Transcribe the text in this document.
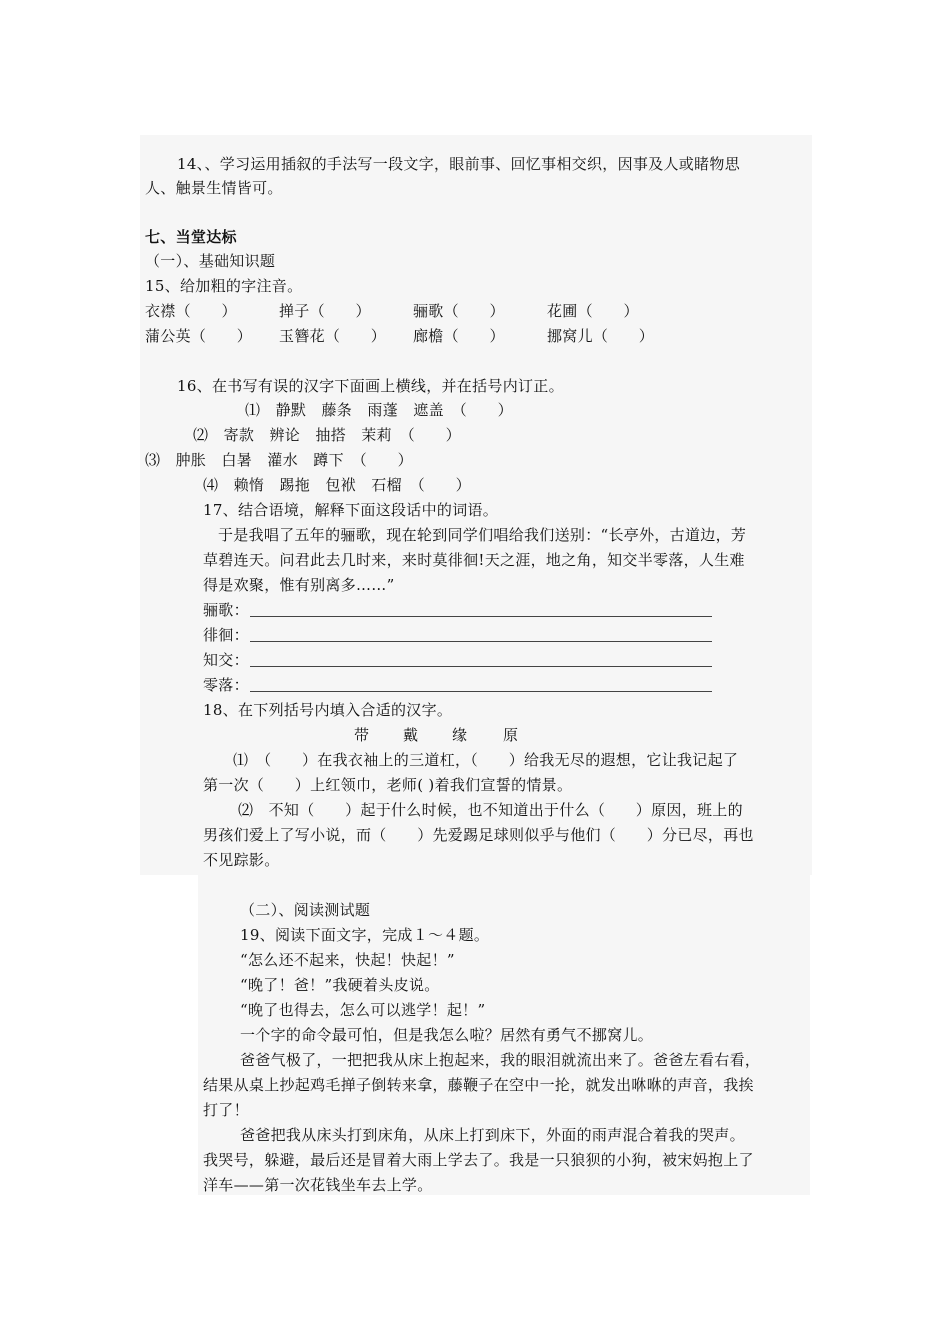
14、、学习运用插叙的手法写一段文字，眼前事、回忆事相交织，因事及人或睹物思
人、触景生情皆可。
七、当堂达标
（一）、基础知识题
15、给加粗的字注音。
衣襟（　　）	掸子（　　）	骊歌（　　）	花圃（　　）
蒲公英（　　） 玉簪花（　　） 廊檐（　　）	挪窝儿（　　）
16、在书写有误的汉字下面画上横线，并在括号内订正。
⑴　静默　藤条　雨蓬　遮盖　（　　）
⑵　寄款　辨论　抽搭　茉莉　（　　）
⑶　肿胀　白暑　灌水　蹲下　（　　）
⑷　赖惰　踢拖　包袱　石榴　（　　）
17、结合语境，解释下面这段话中的词语。
于是我唱了五年的骊歌，现在轮到同学们唱给我们送别：“长亭外，古道边，芳
草碧连天。问君此去几时来，来时莫徘徊!天之涯，地之角，知交半零落，人生难
得是欢聚，惟有别离多……”
骊歌：
徘徊：
知交：
零落：
18、在下列括号内填入合适的汉字。
带 戴 缘 原
⑴　（　　）在我衣袖上的三道杠，（　　）给我无尽的遐想，它让我记起了
第一次（　　）上红领巾，老师( )着我们宣誓的情景。
⑵　不知（　　）起于什么时候，也不知道出于什么（　　）原因，班上的
男孩们爱上了写小说，而（　　）先爱踢足球则似乎与他们（　　）分已尽，再也
不见踪影。
（二）、阅读测试题
19、阅读下面文字，完成１～４题。
“怎么还不起来，快起！快起！”
“晚了！爸！”我硬着头皮说。
“晚了也得去，怎么可以逃学！起！”
一个字的命令最可怕，但是我怎么啦？居然有勇气不挪窝儿。
爸爸气极了，一把把我从床上抱起来，我的眼泪就流出来了。爸爸左看右看，
结果从桌上抄起鸡毛掸子倒转来拿，藤鞭子在空中一抡，就发出咻咻的声音，我挨
打了！
爸爸把我从床头打到床角，从床上打到床下，外面的雨声混合着我的哭声。
我哭号，躲避，最后还是冒着大雨上学去了。我是一只狼狈的小狗，被宋妈抱上了
洋车——第一次花钱坐车去上学。
